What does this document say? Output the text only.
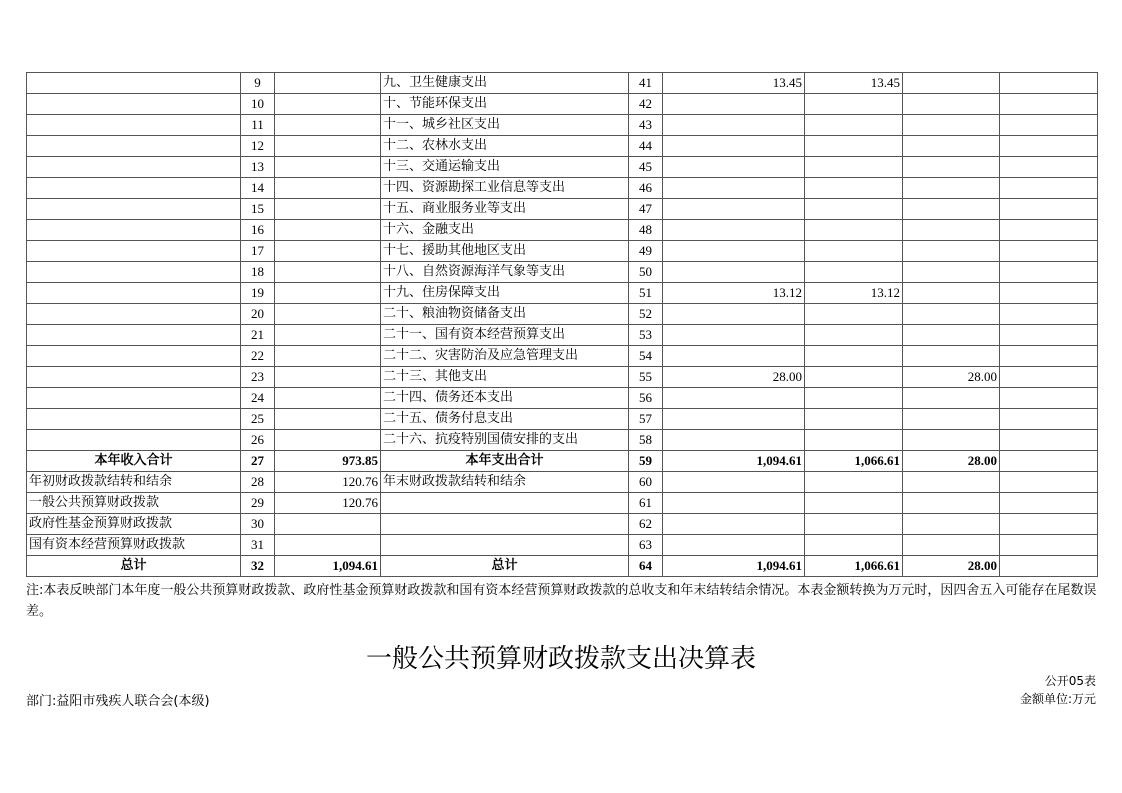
	9		九、卫生健康支出	41	13.45	13.45		
	10		十、节能环保支出	42				
	11		十一、城乡社区支出	43				
	12		十二、农林水支出	44				
	13		十三、交通运输支出	45				
	14		十四、资源勘探工业信息等支出	46				
	15		十五、商业服务业等支出	47				
	16		十六、金融支出	48				
	17		十七、援助其他地区支出	49				
	18		十八、自然资源海洋气象等支出	50				
	19		十九、住房保障支出	51	13.12	13.12		
	20		二十、粮油物资储备支出	52				
	21		二十一、国有资本经营预算支出	53				
	22		二十二、灾害防治及应急管理支出	54				
	23		二十三、其他支出	55	28.00		28.00	
	24		二十四、债务还本支出	56				
	25		二十五、债务付息支出	57				
	26		二十六、抗疫特别国债安排的支出	58				
本年收入合计	27	973.85	本年支出合计	59	1,094.61	1,066.61	28.00	
年初财政拨款结转和结余	28	120.76	年末财政拨款结转和结余	60				
一般公共预算财政拨款	29	120.76		61				
政府性基金预算财政拨款	30			62				
国有资本经营预算财政拨款	31			63				
总计	32	1,094.61	总计	64	1,094.61	1,066.61	28.00	
注:本表反映部门本年度一般公共预算财政拨款、政府性基金预算财政拨款和国有资本经营预算财政拨款的总收支和年末结转结余情况。本表金额转换为万元时，因四舍五入可能存在尾数误差。
一般公共预算财政拨款支出决算表
公开05表
部门:益阳市残疾人联合会(本级)	金额单位:万元
